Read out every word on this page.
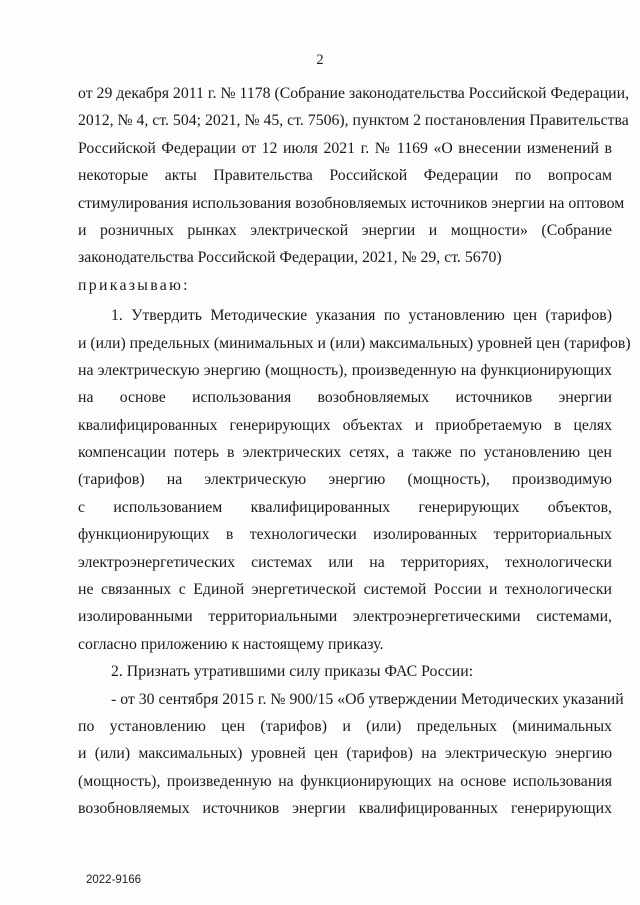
2
от 29 декабря 2011 г. № 1178 (Собрание законодательства Российской Федерации,
2012, № 4, ст. 504; 2021, № 45, ст. 7506), пунктом 2 постановления Правительства
Российской Федерации от 12 июля 2021 г. № 1169 «О внесении изменений в
некоторые акты Правительства Российской Федерации по вопросам
стимулирования использования возобновляемых источников энергии на оптовом
и розничных рынках электрической энергии и мощности» (Собрание
законодательства Российской Федерации, 2021, № 29, ст. 5670)
приказываю:
1. Утвердить Методические указания по установлению цен (тарифов)
и (или) предельных (минимальных и (или) максимальных) уровней цен (тарифов)
на электрическую энергию (мощность), произведенную на функционирующих
на основе использования возобновляемых источников энергии
квалифицированных генерирующих объектах и приобретаемую в целях
компенсации потерь в электрических сетях, а также по установлению цен
(тарифов) на электрическую энергию (мощность), производимую
с использованием квалифицированных генерирующих объектов,
функционирующих в технологически изолированных территориальных
электроэнергетических системах или на территориях, технологически
не связанных с Единой энергетической системой России и технологически
изолированными территориальными электроэнергетическими системами,
согласно приложению к настоящему приказу.
2. Признать утратившими силу приказы ФАС России:
- от 30 сентября 2015 г. № 900/15 «Об утверждении Методических указаний
по установлению цен (тарифов) и (или) предельных (минимальных
и (или) максимальных) уровней цен (тарифов) на электрическую энергию
(мощность), произведенную на функционирующих на основе использования
возобновляемых источников энергии квалифицированных генерирующих
2022-9166
